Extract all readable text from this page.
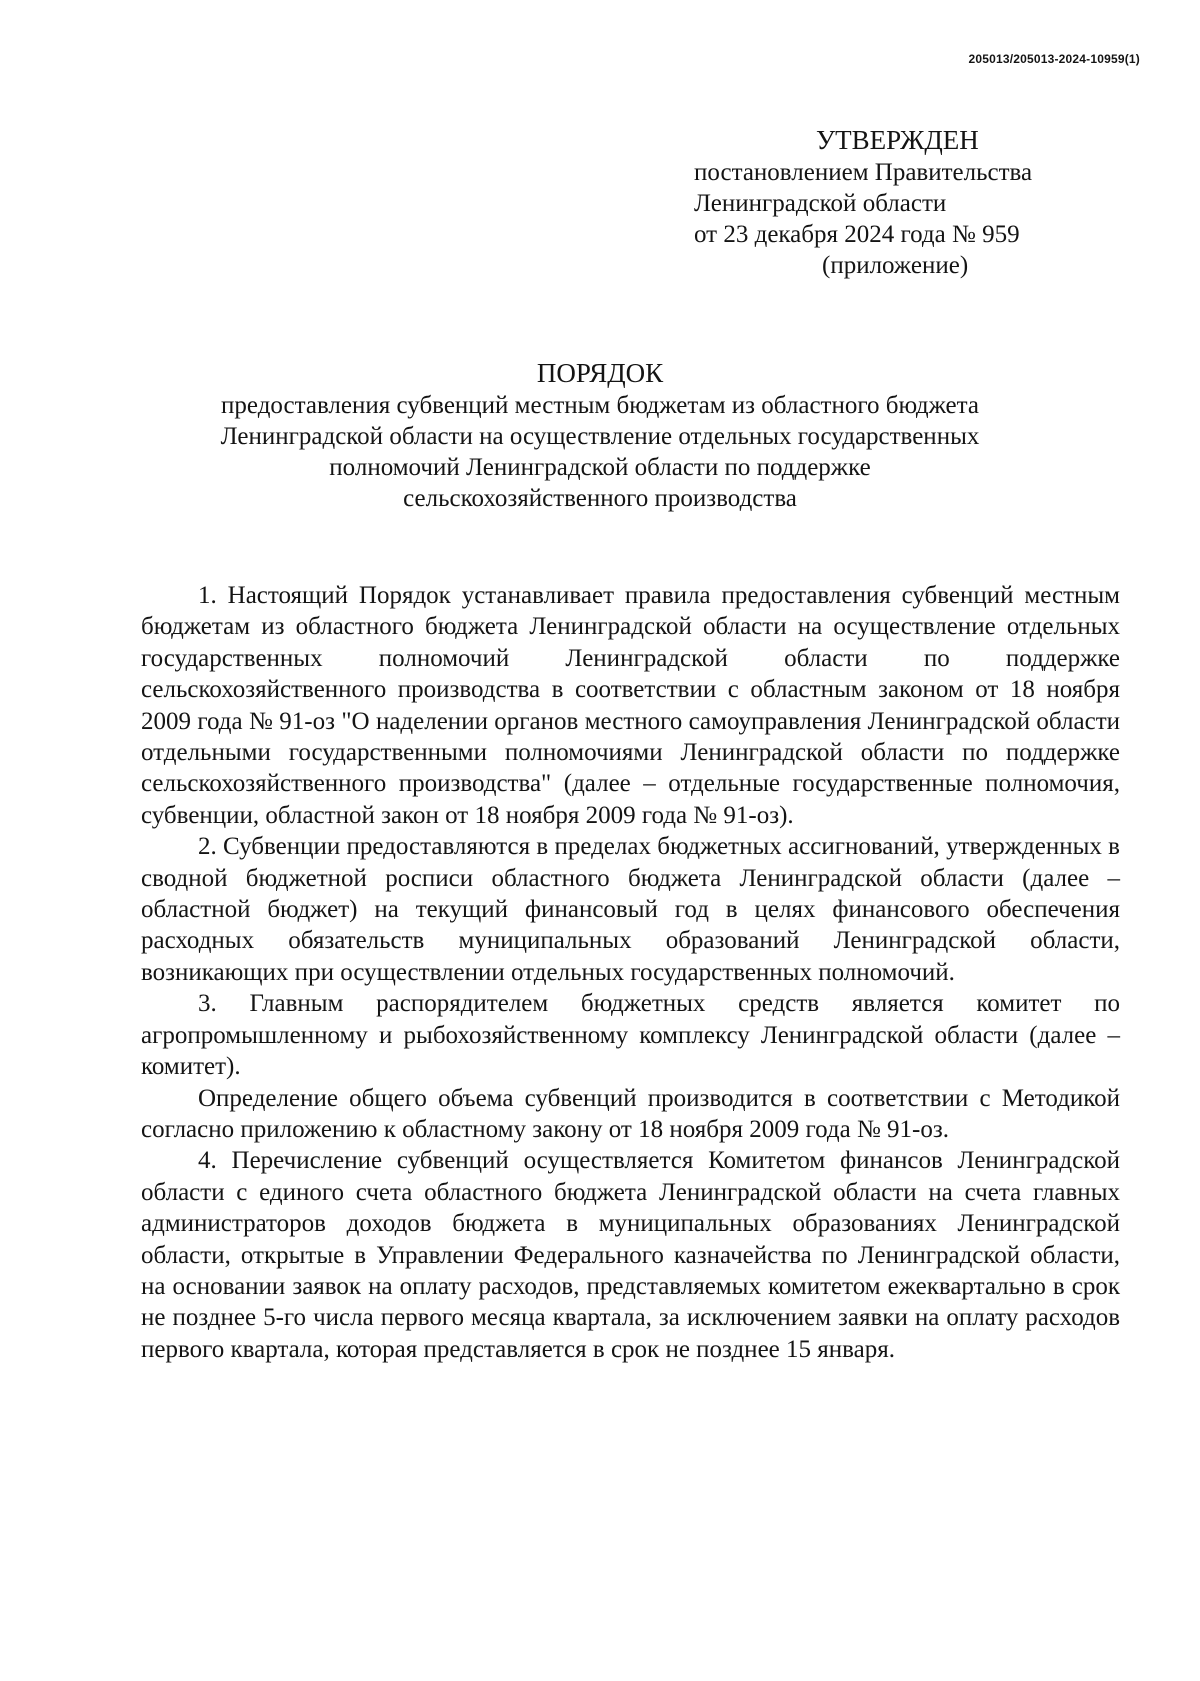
205013/205013-2024-10959(1)
УТВЕРЖДЕН
постановлением Правительства
Ленинградской области
от 23 декабря 2024 года № 959
(приложение)
ПОРЯДОК
предоставления субвенций местным бюджетам из областного бюджета
Ленинградской области на осуществление отдельных государственных
полномочий Ленинградской области по поддержке
сельскохозяйственного производства

1. Настоящий Порядок устанавливает правила предоставления субвенций местным бюджетам из областного бюджета Ленинградской области на осуществление отдельных государственных полномочий Ленинградской области по поддержке сельскохозяйственного производства в соответствии с областным законом от 18 ноября 2009 года № 91-оз "О наделении органов местного самоуправления Ленинградской области отдельными государственными полномочиями Ленинградской области по поддержке сельскохозяйственного производства" (далее – отдельные государственные полномочия, субвенции, областной закон от 18 ноября 2009 года № 91-оз).

2. Субвенции предоставляются в пределах бюджетных ассигнований, утвержденных в сводной бюджетной росписи областного бюджета Ленинградской области (далее – областной бюджет) на текущий финансовый год в целях финансового обеспечения расходных обязательств муниципальных образований Ленинградской области, возникающих при осуществлении отдельных государственных полномочий.

3. Главным распорядителем бюджетных средств является комитет по агропромышленному и рыбохозяйственному комплексу Ленинградской области (далее – комитет).

Определение общего объема субвенций производится в соответствии с Методикой согласно приложению к областному закону от 18 ноября 2009 года № 91-оз.

4. Перечисление субвенций осуществляется Комитетом финансов Ленинградской области с единого счета областного бюджета Ленинградской области на счета главных администраторов доходов бюджета в муниципальных образованиях Ленинградской области, открытые в Управлении Федерального казначейства по Ленинградской области, на основании заявок на оплату расходов, представляемых комитетом ежеквартально в срок не позднее 5-го числа первого месяца квартала, за исключением заявки на оплату расходов первого квартала, которая представляется в срок не позднее 15 января.
